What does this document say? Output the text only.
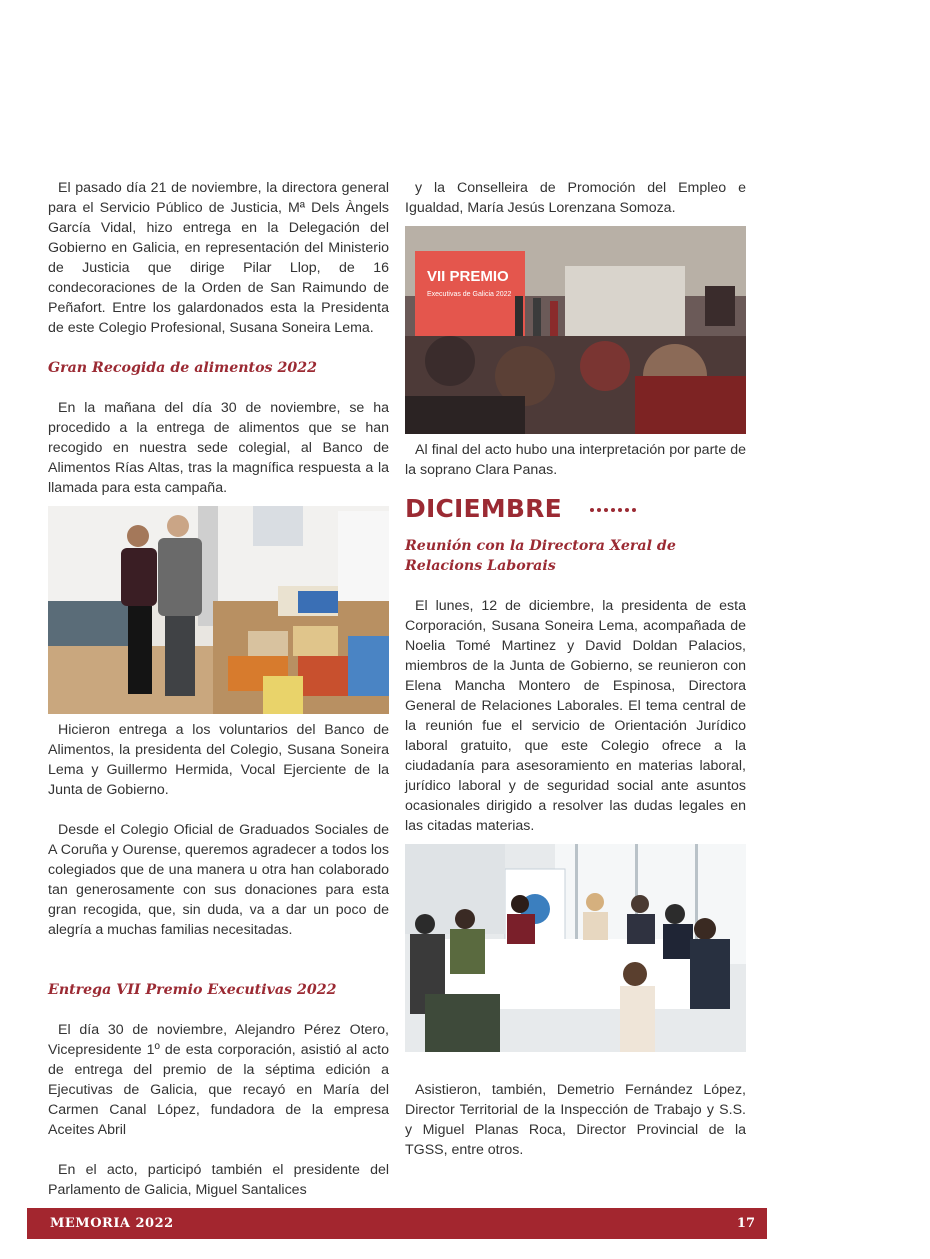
El pasado día 21 de noviembre, la directora general para el Servicio Público de Justicia, Mª Dels Àngels García Vidal, hizo entrega en la Delegación del Gobierno en Galicia, en representación del Ministerio de Justicia que dirige Pilar Llop, de 16 condecoraciones de la Orden de San Raimundo de Peñafort. Entre los galardonados esta la Presidenta de este Colegio Profesional, Susana Soneira Lema.

Gran Recogida de alimentos 2022

En la mañana del día 30 de noviembre, se ha procedido a la entrega de alimentos que se han recogido en nuestra sede colegial, al Banco de Alimentos Rías Altas, tras la magnífica respuesta a la llamada para esta campaña.

Hicieron entrega a los voluntarios del Banco de Alimentos, la presidenta del Colegio, Susana Soneira Lema y Guillermo Hermida, Vocal Ejerciente de la Junta de Gobierno.

Desde el Colegio Oficial de Graduados Sociales de A Coruña y Ourense, queremos agradecer a todos los colegiados que de una manera u otra han colaborado tan generosamente con sus donaciones para esta gran recogida, que, sin duda, va a dar un poco de alegría a muchas familias necesitadas.

Entrega VII Premio Executivas 2022

El día 30 de noviembre, Alejandro Pérez Otero, Vicepresidente 1º de esta corporación, asistió al acto de entrega del premio de la séptima edición a Ejecutivas de Galicia, que recayó en María del Carmen Canal López, fundadora de la empresa Aceites Abril

En el acto, participó también el presidente del Parlamento de Galicia, Miguel Santalices

y la Conselleira de Promoción del Empleo e Igualdad, María Jesús Lorenzana Somoza.

VII PREMIO
Executivas de Galicia 2022

Al final del acto hubo una interpretación por parte de la soprano Clara Panas.

DICIEMBRE

Reunión con la Directora Xeral de Relacions Laborais

El lunes, 12 de diciembre, la presidenta de esta Corporación, Susana Soneira Lema, acompañada de Noelia Tomé Martinez y David Doldan Palacios, miembros de la Junta de Gobierno, se reunieron con Elena Mancha Montero de Espinosa, Directora General de Relaciones Laborales. El tema central de la reunión fue el servicio de Orientación Jurídico laboral gratuito, que este Colegio ofrece a la ciudadanía para asesoramiento en materias laboral, jurídico laboral y de seguridad social ante asuntos ocasionales dirigido a resolver las dudas legales en las citadas materias.

Asistieron, también, Demetrio Fernández López, Director Territorial de la Inspección de Trabajo y S.S. y Miguel Planas Roca, Director Provincial de la TGSS, entre otros.

MEMORIA 2022	17
